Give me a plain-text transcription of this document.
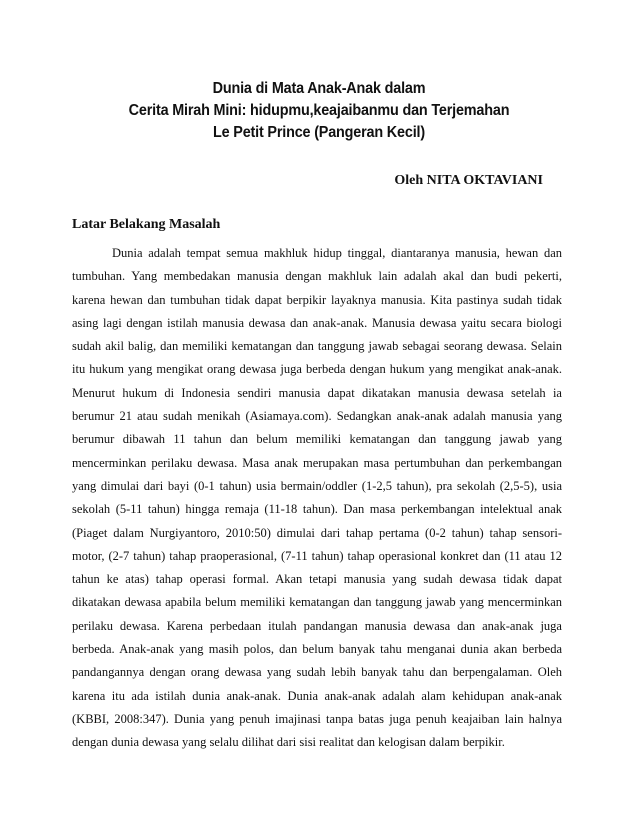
Dunia di Mata Anak-Anak dalam
Cerita Mirah Mini: hidupmu,keajaibanmu dan Terjemahan
Le Petit Prince (Pangeran Kecil)
Oleh NITA OKTAVIANI
Latar Belakang Masalah
Dunia adalah tempat semua makhluk hidup tinggal, diantaranya manusia, hewan dan
tumbuhan. Yang membedakan manusia dengan makhluk lain adalah akal dan budi pekerti,
karena hewan dan tumbuhan tidak dapat berpikir layaknya manusia. Kita pastinya sudah tidak
asing lagi dengan istilah manusia dewasa dan anak-anak. Manusia dewasa yaitu secara biologi
sudah akil balig, dan memiliki kematangan dan tanggung jawab sebagai seorang dewasa. Selain
itu hukum yang mengikat orang dewasa juga berbeda dengan hukum yang mengikat anak-anak.
Menurut hukum di Indonesia sendiri manusia dapat dikatakan manusia dewasa setelah ia
berumur 21 atau sudah menikah (Asiamaya.com). Sedangkan anak-anak adalah manusia yang
berumur dibawah 11 tahun dan belum memiliki kematangan dan tanggung jawab yang
mencerminkan perilaku dewasa. Masa anak merupakan masa pertumbuhan dan perkembangan
yang dimulai dari bayi (0-1 tahun) usia bermain/oddler (1-2,5 tahun), pra sekolah (2,5-5), usia
sekolah (5-11 tahun) hingga remaja (11-18 tahun). Dan masa perkembangan intelektual anak
(Piaget dalam Nurgiyantoro, 2010:50) dimulai dari tahap pertama (0-2 tahun) tahap sensori-
motor, (2-7 tahun) tahap praoperasional, (7-11 tahun) tahap operasional konkret dan (11 atau 12
tahun ke atas) tahap operasi formal. Akan tetapi manusia yang sudah dewasa tidak dapat
dikatakan dewasa apabila belum memiliki kematangan dan tanggung jawab yang mencerminkan
perilaku dewasa. Karena perbedaan itulah pandangan manusia dewasa dan anak-anak juga
berbeda. Anak-anak yang masih polos, dan belum banyak tahu menganai dunia akan berbeda
pandangannya dengan orang dewasa yang sudah lebih banyak tahu dan berpengalaman. Oleh
karena itu ada istilah dunia anak-anak. Dunia anak-anak adalah alam kehidupan anak-anak
(KBBI, 2008:347). Dunia yang penuh imajinasi tanpa batas juga penuh keajaiban lain halnya
dengan dunia dewasa yang selalu dilihat dari sisi realitat dan kelogisan dalam berpikir.
